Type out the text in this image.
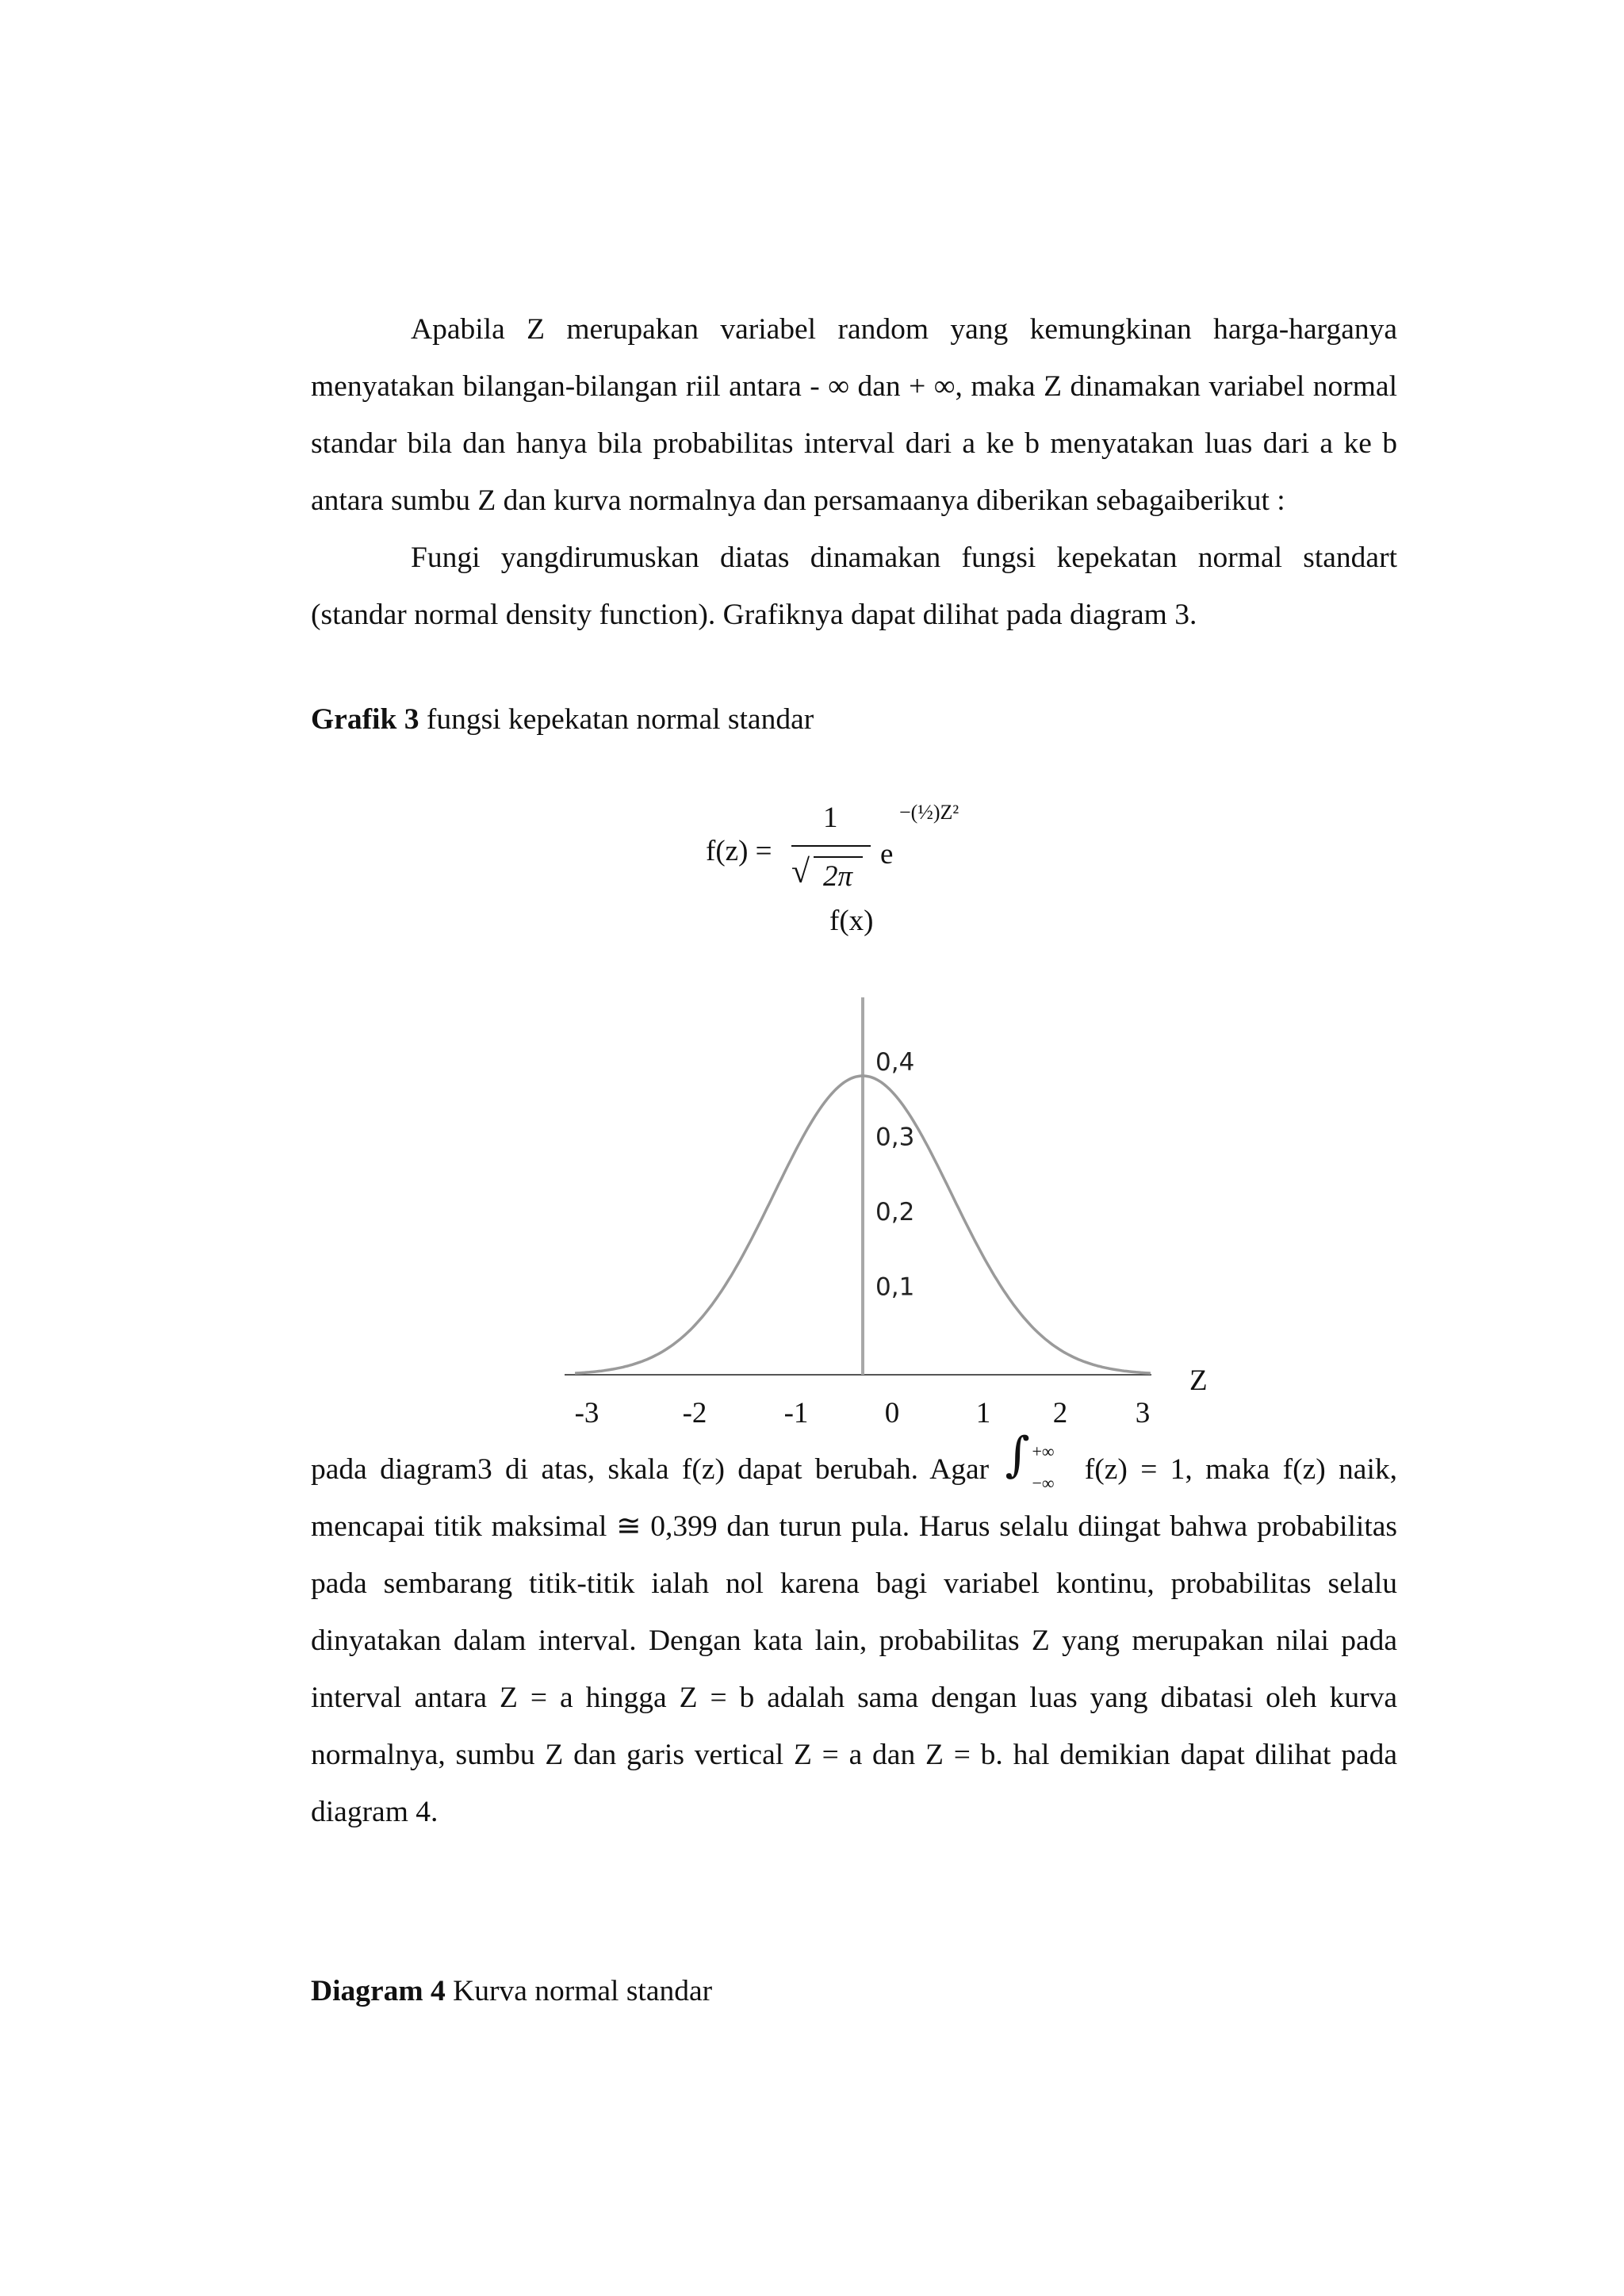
Apabila Z merupakan variabel random yang kemungkinan harga-harganya menyatakan bilangan-bilangan riil antara - ∞ dan + ∞, maka Z dinamakan variabel normal standar bila dan hanya bila probabilitas interval dari a ke b menyatakan luas dari a ke b antara sumbu Z dan kurva normalnya dan persamaanya diberikan sebagaiberikut :

Fungi yangdirumuskan diatas dinamakan fungsi kepekatan normal standart (standar normal density function). Grafiknya dapat dilihat pada diagram 3.

Grafik 3 fungsi kepekatan normal standar
f(z) =
1
√ 2π
e
−(½)Z²
f(x)
-3	-2	-1	0	1 2 3
0,1
0,2
0,3
0,4
Z

pada diagram3 di atas, skala f(z) dapat berubah. Agar ∫ +∞
−∞ f(z) = 1, maka f(z) naik, mencapai titik maksimal ≅ 0,399 dan turun pula. Harus selalu diingat bahwa probabilitas pada sembarang titik-titik ialah nol karena bagi variabel kontinu, probabilitas selalu dinyatakan dalam interval. Dengan kata lain, probabilitas Z yang merupakan nilai pada interval antara Z = a hingga Z = b adalah sama dengan luas yang dibatasi oleh kurva normalnya, sumbu Z dan garis vertical Z = a dan Z = b. hal demikian dapat dilihat pada diagram 4.

Diagram 4 Kurva normal standar
